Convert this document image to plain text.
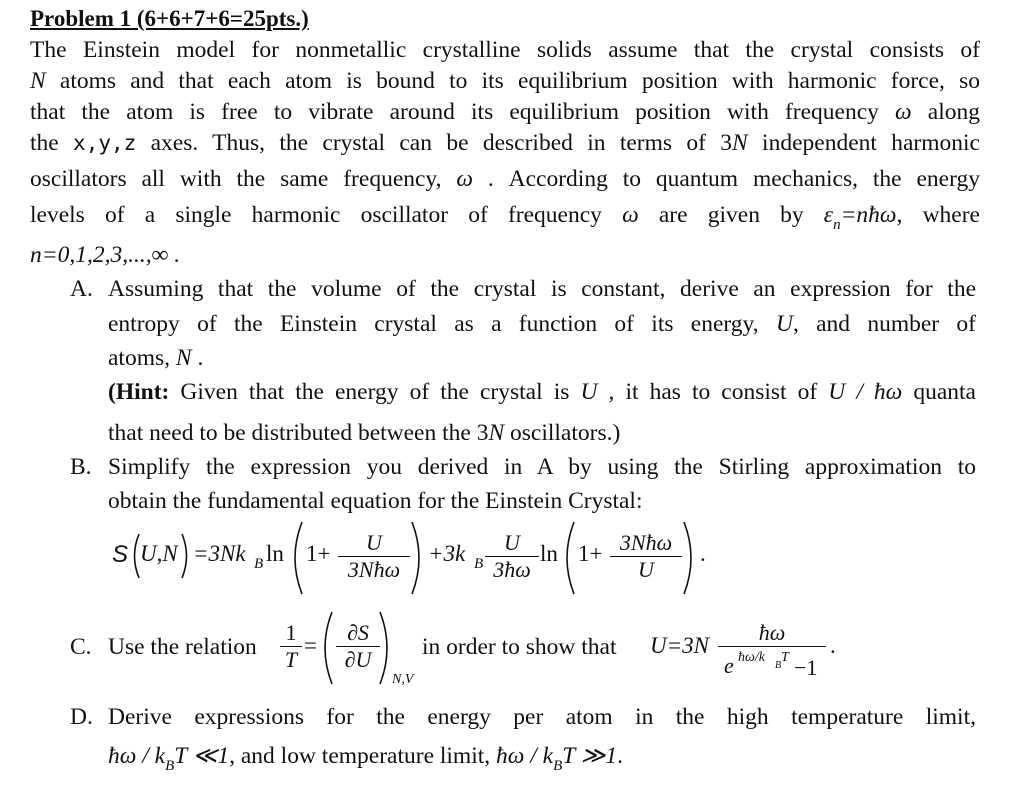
Problem 1 (6+6+7+6=25pts.)
The Einstein model for nonmetallic crystalline solids assume that the crystal consists of
N atoms and that each atom is bound to its equilibrium position with harmonic force, so
that the atom is free to vibrate around its equilibrium position with frequency ω along
the x,y,z axes. Thus, the crystal can be described in terms of 3N independent harmonic
oscillators all with the same frequency, ω . According to quantum mechanics, the energy
levels of a single harmonic oscillator of frequency ω are given by $\varepsilon_n=nħ\omega$, where
n=0,1,2,3,...,∞ .
A. Assuming that the volume of the crystal is constant, derive an expression for the
entropy of the Einstein crystal as a function of its energy, U, and number of
atoms, N .
(Hint: Given that the energy of the crystal is U , it has to consist of U / ħω quanta
that need to be distributed between the 3N oscillators.)
B. Simplify the expression you derived in A by using the Stirling approximation to
obtain the fundamental equation for the Einstein Crystal:
S U,N =3Nk B ln 1+	U
3Nħω
+3k B $\frac{U}{3ħ\omega}$ ln 1+ 3Nħω
U
.
C. Use the relation $\frac{1}{T} = \frac{\partial S}{\partial U}$
N,V
in order to show that U=3N ħω
e ħω/k
B
T −1 .
D. Derive expressions for the energy per atom in the high temperature limit,
ħω / $k_BT$ ≪1, and low temperature limit, ħω / $k_BT$ ≫1.
